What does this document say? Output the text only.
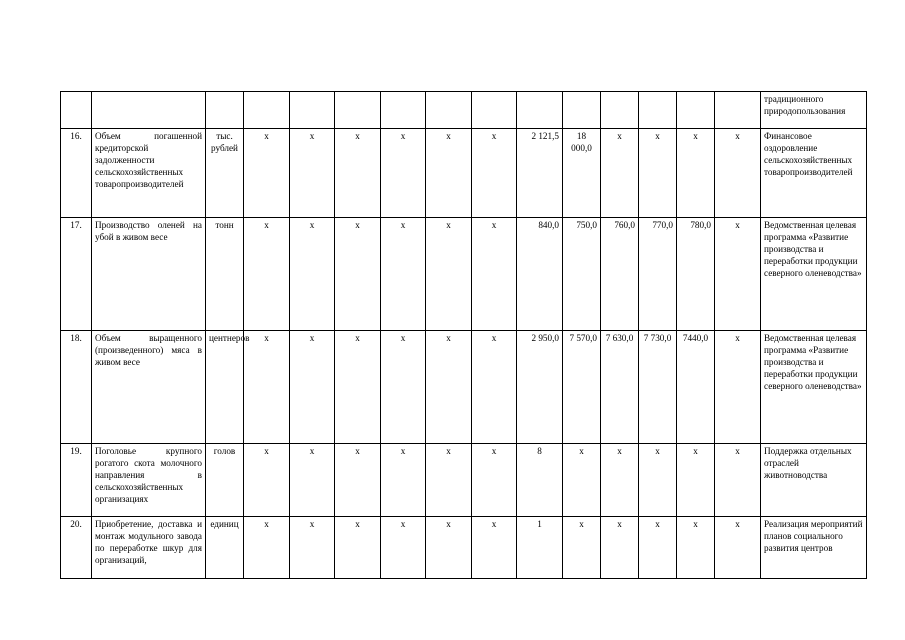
															традиционного природопользования
16.	Объем погашенной кредиторской задолженности сельскохозяйственных товаропроизводителей	тыс. рублей	х	х	х	х	х	х	2 121,5	18 000,0	х	х	х	х	Финансовое оздоровление сельскохозяйственных товаропроизводителей
17.	Производство оленей на убой в живом весе	тонн	х	х	х	х	х	х	840,0	750,0	760,0	770,0	780,0	х	Ведомственная целевая программа «Развитие производства и переработки продукции северного оленеводства»
18.	Объем выращенного (произведенного) мяса в живом весе	центнеров	х	х	х	х	х	х	2 950,0	7 570,0	7 630,0	7 730,0	7440,0	х	Ведомственная целевая программа «Развитие производства и переработки продукции северного оленеводства»
19.	Поголовье крупного рогатого скота молочного направления в сельскохозяйственных организациях	голов	х	х	х	х	х	х	8	х	х	х	х	х	Поддержка отдельных отраслей животноводства
20.	Приобретение, доставка и монтаж модульного завода по переработке шкур для организаций,	единиц	х	х	х	х	х	х	1	х	х	х	х	х	Реализация мероприятий планов социального развития центров
